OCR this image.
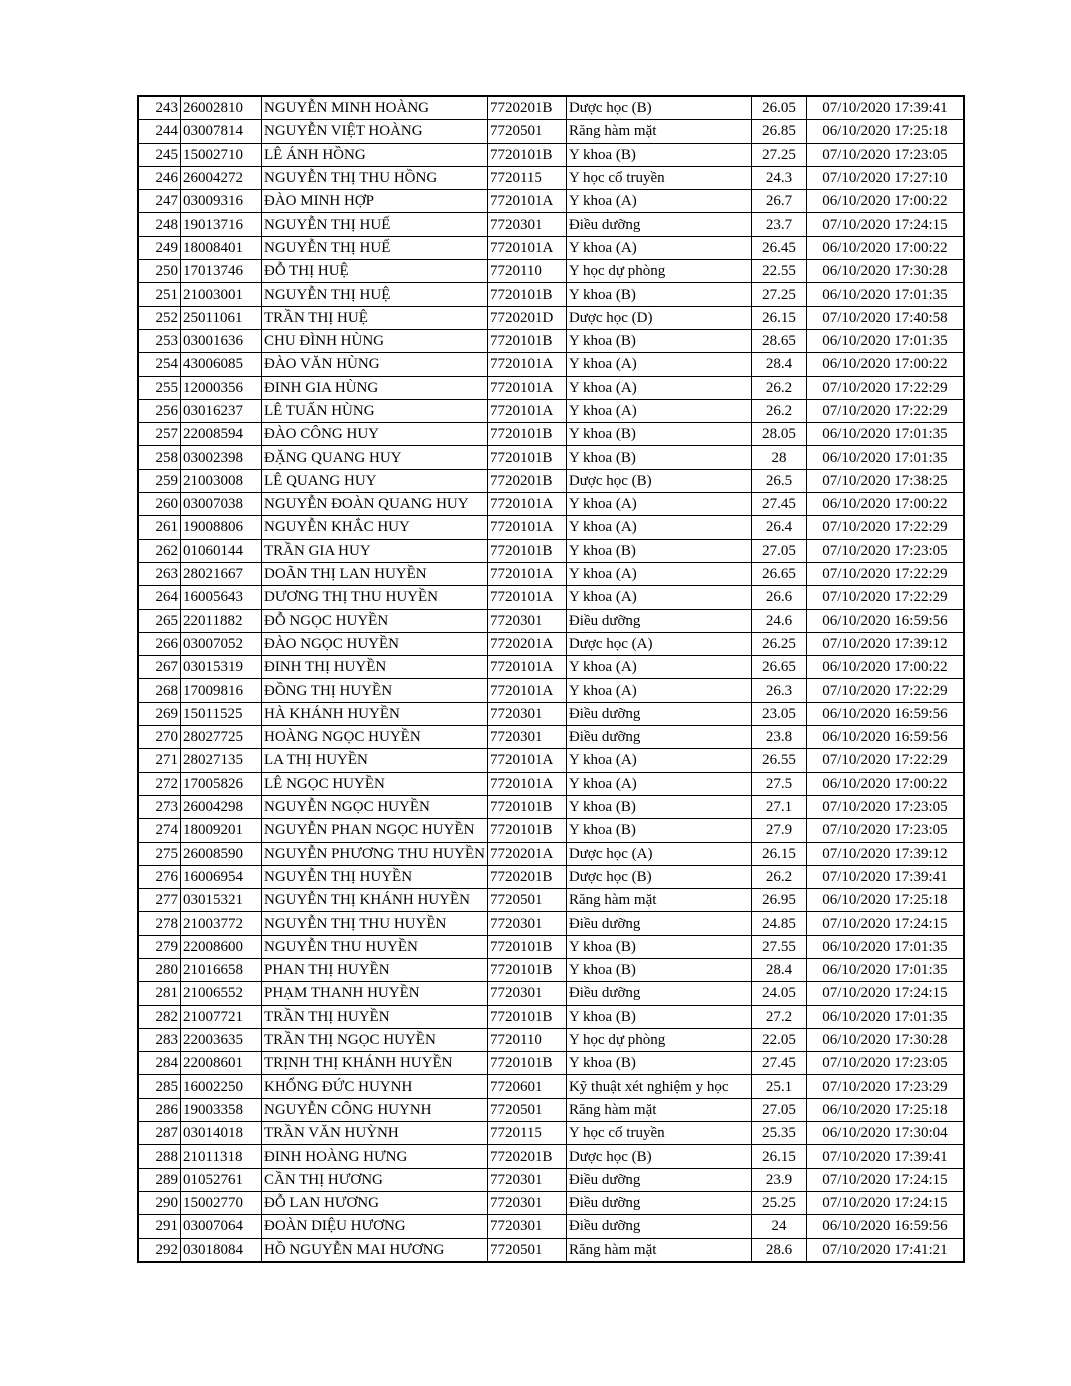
243	26002810	NGUYỄN MINH HOÀNG	7720201B	Dược học (B)	26.05	07/10/2020 17:39:41
244	03007814	NGUYỄN VIỆT HOÀNG	7720501	Răng hàm mặt	26.85	06/10/2020 17:25:18
245	15002710	LÊ ÁNH HỒNG	7720101B	Y khoa (B)	27.25	07/10/2020 17:23:05
246	26004272	NGUYỄN THỊ THU HỒNG	7720115	Y học cổ truyền	24.3	07/10/2020 17:27:10
247	03009316	ĐÀO MINH HỢP	7720101A	Y khoa (A)	26.7	06/10/2020 17:00:22
248	19013716	NGUYỄN THỊ HUẾ	7720301	Điều dưỡng	23.7	07/10/2020 17:24:15
249	18008401	NGUYỄN THỊ HUẾ	7720101A	Y khoa (A)	26.45	06/10/2020 17:00:22
250	17013746	ĐỖ THỊ HUỆ	7720110	Y học dự phòng	22.55	06/10/2020 17:30:28
251	21003001	NGUYỄN THỊ HUỆ	7720101B	Y khoa (B)	27.25	06/10/2020 17:01:35
252	25011061	TRẦN THỊ HUỆ	7720201D	Dược học (D)	26.15	07/10/2020 17:40:58
253	03001636	CHU ĐÌNH HÙNG	7720101B	Y khoa (B)	28.65	06/10/2020 17:01:35
254	43006085	ĐÀO VĂN HÙNG	7720101A	Y khoa (A)	28.4	06/10/2020 17:00:22
255	12000356	ĐINH GIA HÙNG	7720101A	Y khoa (A)	26.2	07/10/2020 17:22:29
256	03016237	LÊ TUẤN HÙNG	7720101A	Y khoa (A)	26.2	07/10/2020 17:22:29
257	22008594	ĐÀO CÔNG HUY	7720101B	Y khoa (B)	28.05	06/10/2020 17:01:35
258	03002398	ĐẶNG QUANG HUY	7720101B	Y khoa (B)	28	06/10/2020 17:01:35
259	21003008	LÊ QUANG HUY	7720201B	Dược học (B)	26.5	07/10/2020 17:38:25
260	03007038	NGUYỄN ĐOÀN QUANG HUY	7720101A	Y khoa (A)	27.45	06/10/2020 17:00:22
261	19008806	NGUYỄN KHẮC HUY	7720101A	Y khoa (A)	26.4	07/10/2020 17:22:29
262	01060144	TRẦN GIA HUY	7720101B	Y khoa (B)	27.05	07/10/2020 17:23:05
263	28021667	DOÃN THỊ LAN HUYỀN	7720101A	Y khoa (A)	26.65	07/10/2020 17:22:29
264	16005643	DƯƠNG THỊ THU HUYỀN	7720101A	Y khoa (A)	26.6	07/10/2020 17:22:29
265	22011882	ĐỖ NGỌC HUYỀN	7720301	Điều dưỡng	24.6	06/10/2020 16:59:56
266	03007052	ĐÀO NGỌC HUYỀN	7720201A	Dược học (A)	26.25	07/10/2020 17:39:12
267	03015319	ĐINH THỊ HUYỀN	7720101A	Y khoa (A)	26.65	06/10/2020 17:00:22
268	17009816	ĐỒNG THỊ HUYỀN	7720101A	Y khoa (A)	26.3	07/10/2020 17:22:29
269	15011525	HÀ KHÁNH HUYỀN	7720301	Điều dưỡng	23.05	06/10/2020 16:59:56
270	28027725	HOÀNG NGỌC HUYỀN	7720301	Điều dưỡng	23.8	06/10/2020 16:59:56
271	28027135	LA THỊ HUYỀN	7720101A	Y khoa (A)	26.55	07/10/2020 17:22:29
272	17005826	LÊ NGỌC HUYỀN	7720101A	Y khoa (A)	27.5	06/10/2020 17:00:22
273	26004298	NGUYỄN NGỌC HUYỀN	7720101B	Y khoa (B)	27.1	07/10/2020 17:23:05
274	18009201	NGUYỄN PHAN NGỌC HUYỀN	7720101B	Y khoa (B)	27.9	07/10/2020 17:23:05
275	26008590	NGUYỄN PHƯƠNG THU HUYỀN	7720201A	Dược học (A)	26.15	07/10/2020 17:39:12
276	16006954	NGUYỄN THỊ HUYỀN	7720201B	Dược học (B)	26.2	07/10/2020 17:39:41
277	03015321	NGUYỄN THỊ KHÁNH HUYỀN	7720501	Răng hàm mặt	26.95	06/10/2020 17:25:18
278	21003772	NGUYỄN THỊ THU HUYỀN	7720301	Điều dưỡng	24.85	07/10/2020 17:24:15
279	22008600	NGUYỄN THU HUYỀN	7720101B	Y khoa (B)	27.55	06/10/2020 17:01:35
280	21016658	PHAN THỊ HUYỀN	7720101B	Y khoa (B)	28.4	06/10/2020 17:01:35
281	21006552	PHẠM THANH HUYỀN	7720301	Điều dưỡng	24.05	07/10/2020 17:24:15
282	21007721	TRẦN THỊ HUYỀN	7720101B	Y khoa (B)	27.2	06/10/2020 17:01:35
283	22003635	TRẦN THỊ NGỌC HUYỀN	7720110	Y học dự phòng	22.05	06/10/2020 17:30:28
284	22008601	TRỊNH THỊ KHÁNH HUYỀN	7720101B	Y khoa (B)	27.45	07/10/2020 17:23:05
285	16002250	KHỔNG ĐỨC HUYNH	7720601	Kỹ thuật xét nghiệm y học	25.1	07/10/2020 17:23:29
286	19003358	NGUYỄN CÔNG HUYNH	7720501	Răng hàm mặt	27.05	06/10/2020 17:25:18
287	03014018	TRẦN VĂN HUỲNH	7720115	Y học cổ truyền	25.35	06/10/2020 17:30:04
288	21011318	ĐINH HOÀNG HƯNG	7720201B	Dược học (B)	26.15	07/10/2020 17:39:41
289	01052761	CẦN THỊ HƯƠNG	7720301	Điều dưỡng	23.9	07/10/2020 17:24:15
290	15002770	ĐỖ LAN HƯƠNG	7720301	Điều dưỡng	25.25	07/10/2020 17:24:15
291	03007064	ĐOÀN DIỆU HƯƠNG	7720301	Điều dưỡng	24	06/10/2020 16:59:56
292	03018084	HỒ NGUYỄN MAI HƯƠNG	7720501	Răng hàm mặt	28.6	07/10/2020 17:41:21
